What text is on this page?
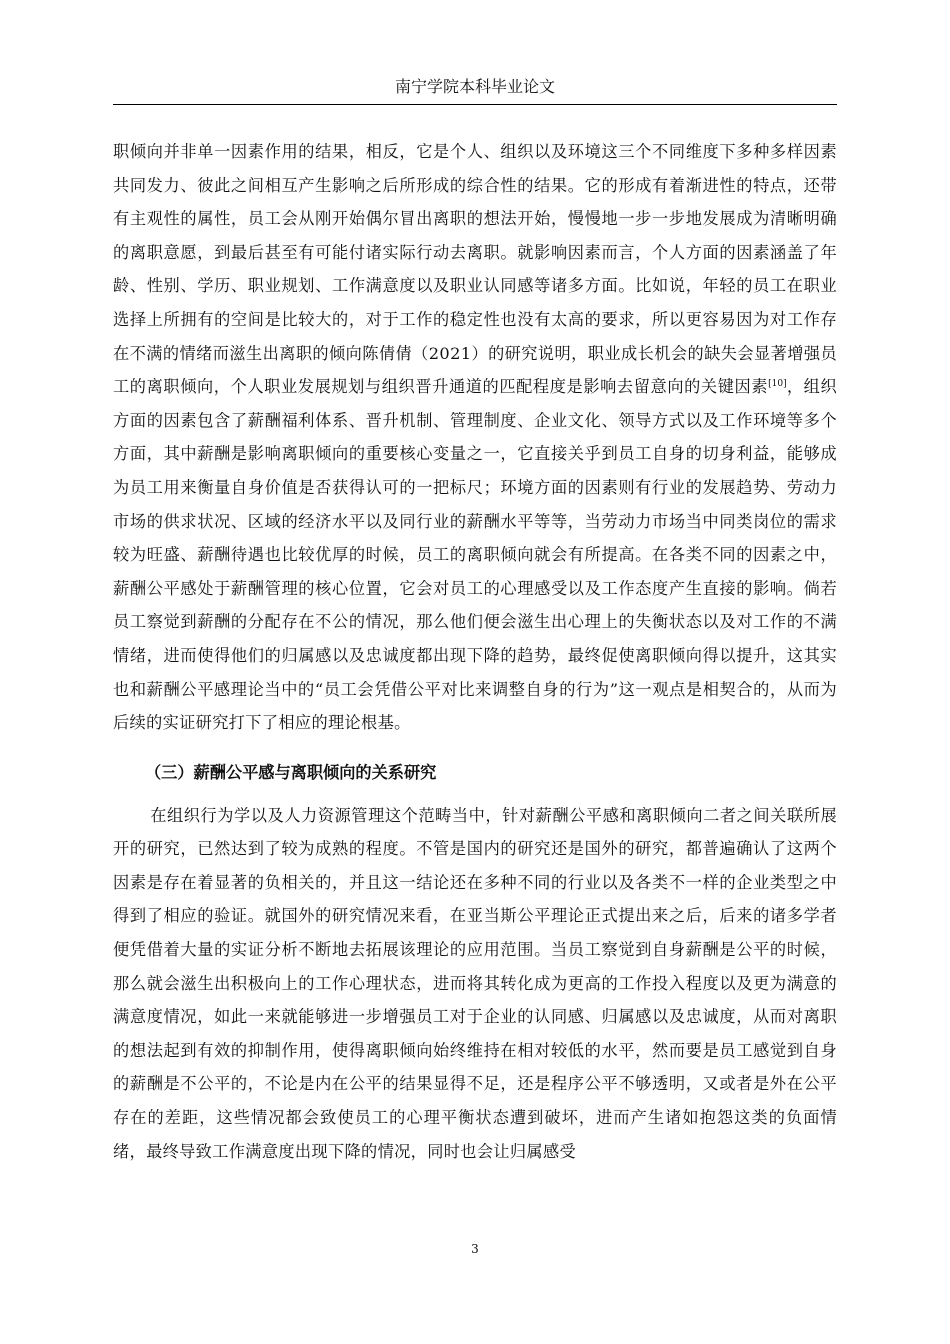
南宁学院本科毕业论文

职倾向并非单一因素作用的结果，相反，它是个人、组织以及环境这三个不同维度下多种多样因素共同发力、彼此之间相互产生影响之后所形成的综合性的结果。它的形成有着渐进性的特点，还带有主观性的属性，员工会从刚开始偶尔冒出离职的想法开始，慢慢地一步一步地发展成为清晰明确的离职意愿，到最后甚至有可能付诸实际行动去离职。就影响因素而言，个人方面的因素涵盖了年龄、性别、学历、职业规划、工作满意度以及职业认同感等诸多方面。比如说，年轻的员工在职业选择上所拥有的空间是比较大的，对于工作的稳定性也没有太高的要求，所以更容易因为对工作存在不满的情绪而滋生出离职的倾向陈倩倩（2021）的研究说明，职业成长机会的缺失会显著增强员工的离职倾向，个人职业发展规划与组织晋升通道的匹配程度是影响去留意向的关键因素[10]，组织方面的因素包含了薪酬福利体系、晋升机制、管理制度、企业文化、领导方式以及工作环境等多个方面，其中薪酬是影响离职倾向的重要核心变量之一，它直接关乎到员工自身的切身利益，能够成为员工用来衡量自身价值是否获得认可的一把标尺；环境方面的因素则有行业的发展趋势、劳动力市场的供求状况、区域的经济水平以及同行业的薪酬水平等等，当劳动力市场当中同类岗位的需求较为旺盛、薪酬待遇也比较优厚的时候，员工的离职倾向就会有所提高。在各类不同的因素之中，薪酬公平感处于薪酬管理的核心位置，它会对员工的心理感受以及工作态度产生直接的影响。倘若员工察觉到薪酬的分配存在不公的情况，那么他们便会滋生出心理上的失衡状态以及对工作的不满情绪，进而使得他们的归属感以及忠诚度都出现下降的趋势，最终促使离职倾向得以提升，这其实也和薪酬公平感理论当中的“员工会凭借公平对比来调整自身的行为”这一观点是相契合的，从而为后续的实证研究打下了相应的理论根基。

（三）薪酬公平感与离职倾向的关系研究

在组织行为学以及人力资源管理这个范畴当中，针对薪酬公平感和离职倾向二者之间关联所展开的研究，已然达到了较为成熟的程度。不管是国内的研究还是国外的研究，都普遍确认了这两个因素是存在着显著的负相关的，并且这一结论还在多种不同的行业以及各类不一样的企业类型之中得到了相应的验证。就国外的研究情况来看，在亚当斯公平理论正式提出来之后，后来的诸多学者便凭借着大量的实证分析不断地去拓展该理论的应用范围。当员工察觉到自身薪酬是公平的时候，那么就会滋生出积极向上的工作心理状态，进而将其转化成为更高的工作投入程度以及更为满意的满意度情况，如此一来就能够进一步增强员工对于企业的认同感、归属感以及忠诚度，从而对离职的想法起到有效的抑制作用，使得离职倾向始终维持在相对较低的水平，然而要是员工感觉到自身的薪酬是不公平的，不论是内在公平的结果显得不足，还是程序公平不够透明，又或者是外在公平存在的差距，这些情况都会致使员工的心理平衡状态遭到破坏，进而产生诸如抱怨这类的负面情绪，最终导致工作满意度出现下降的情况，同时也会让归属感受

3
